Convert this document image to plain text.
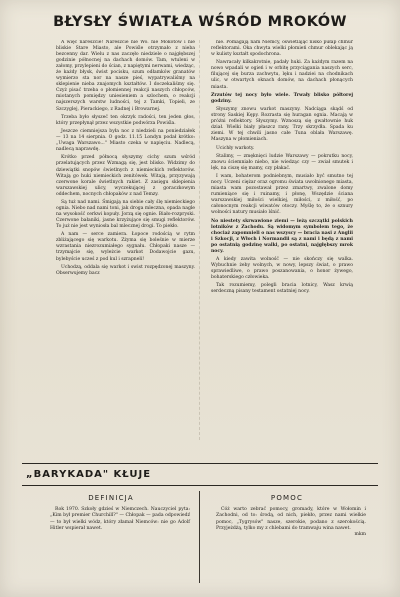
BŁYSŁY ŚWIATŁA WŚRÓD MROKÓW

A więc nareszcie! Nareszcie nie Wo. nie Mokotów i nie bliskie Stare Miasto, ale Powiśle otrzymało z nieba bezcenny dar. Wielu z nas zaczęło niedziele o najgłębszej godzinie północnej na dachach domów. Tam, wtuleni w załomy, przylepieni do ścian, z napiętymi nerwami, wiedząc, że każdy błysk, świst pocisku, szum odłamków granatów wymierzo sta nor na nasze pieś, wypatrywaliśmy na sklepienie nieba znajomych kształtów. I doczekaliśmy się. Czyż pisać trzeba o płomiennej reakcji naszych chłopców, miotanych pomiędzy uniesieniem a szlochem, o reakcji najszerszych warstw ludności, tej z Tamki, Topieli, ze Szczyglej, Pierackiego, z Radnej i Browarnej.

Trzeba było słyszeć ten okrzyk radości, ten jeden głos, który przepłynął przez wszystkie podwórza Powiśla.

Jeszcze ciemniejsza była noc z niedzieli na poniedziałek — 13 na 14 sierpnia. O godz. 11.15 Londyn podał krótko: „Uwaga Warszawo..." Miasto czeka w napięciu. Nadlecą, nadlecą naprawdę.

Krótko przed północą słyszymy cichy szum wśród przelatujących przez Wzmagą się, jest blisko. Widzimy do dziewiątki snopów świetlnych z niemieckich reflektorów. Witają go huki niemieckich zenitówek. Witają, przyzywają czerwone korale świetlnych rakiet. Z zasięgu sklepienia warszawskiej ulicy, wyczekującej z goraczkowym oddechem, nocnych chłopaków z nad Temzy.

Są tuż nad nami. Śmigają na siebie cały ślę niemieckiego ognia. Niebo nad nami toni, jak droga mleczna, opada nagle na wysokość cerkwi kopuły. Jorzą się ognie. Biało-rozpryski. Czerwone bałaniki, jasne krzyżujące się smugi reflektorów. To już nie jest wyniosła bal mlecznej drogi. To piekło.

A nam — serce zamiera. Łopoce rodością w rytm zbliżającego się warkotu. Zżyma się boleśnie w mierze wzrastania niezrozumiałego sygnału. Chłopaki nasze — trzymajcie się, wyleżcie warkot Dodawojcie gazu, bylebyście ucześ z pod kul i szrapneli!

Uchodzą, oddala się warkot i swist rozpędzonej maszyny. Obserwujemy bacz

nie. Pomagają nam Niemcy, oświetlając nisko pułap chmur reflektorami. Oka chwyta wielki płomień chmur oblekając ją w kulisty kształt spodochrona.

Nawracały kilkakrotnie, padały huki. Za każdym razem na nowo wpadali w ogień i w orbitę przyciągania naszych serc, filującej się burza zachwytu, lęku i nadziei na chodnikach ulic, w otwartych oknach domów, na dachach płonących miasta.

Zrzutów tej nocy było wiele. Trwały blisko półtorej godziny.

Słyszymy znowu warkot maszyny. Nadciąga skądś od strony Saskiej Kępy. Rozrasta się huragan ognia. Macają w próżni reflektory. Słyszymy. Wznoszą się gwałtownie huk dział. Wielki biały płaszcz rany. Trzy skrzydła. Spada ku ziemi. W tej chwili jasno całe Tuna oblała Warszawę. Maszyna w płomieniach.

Ucichły warkoty.

Stalimy, — zmęknięci ludzie Warszawy — pokrutku nocy, znowu ściemniało niebo, nie wiedząc czy — zwiał smutek i lęk, na ciszę się mamy, czy płakać.

I wam, bohaterom podniebnym, musiało być smutno tej nocy. Uczeni ciężar oraz ogromu świata uwolnionego miasta, miasta wam pozostawał przez zmartwy, zwalone domy rumieniące się i ruinamy, i płonę, Wszędzie ściana warszawskiej miłości wielkiej, miłości, z miłość, po całonocnym reakcji wiwatów otoczy. Myślę to, że o sznury wolności natury musiało lśnić.

No niestety skrwawione ziemi — leżą szczątki polskich lotników z Zachodu. Są widomym symbolem tego, że chociaż zapomnieli o nas wszyscy — bracia nasi z Anglii i Szkocji, z Włoch i Normandii są z nami i będą z nami po ostatnią godzinę walki, po ostatni, najgłębszy mrok nocy.

A kiedy zawita wolność — nie skończy się walka. Wybuchnie żeby wolnych, w nowy, lepszy świat, o prawo sprawiedliwe, o prawo poszanowania, o honor żywego, bohaterskiego człowieka.

Tak rozumiemy, polegli bracia lotnicy, Wasz krwią serdeczną pisany testament ostatniej nocy.

„BARYKADA" KŁUJE
DEFINICJA	POMOC

Rok 1970. Szkoły gdzieś w Niemczech. Nauczyciel pyta: „Kim był premier Churchill?" — Chłopak — pada odpowiedź — to był wielki wódz, który złamał Niemców: nie go Adolf Hitler wspierał nawet.

Cóż warto zebrać pomocy, gromady, które w Wołomin i Zachodni, od to: środą, od nich, piekło, przez nami wielkie pomoc, „Tygrysów" nasze, szerokie, podano z szerokością. Przyjeżdżą, tylko my z chlebami do tramwaju wina nawet.

mkm
